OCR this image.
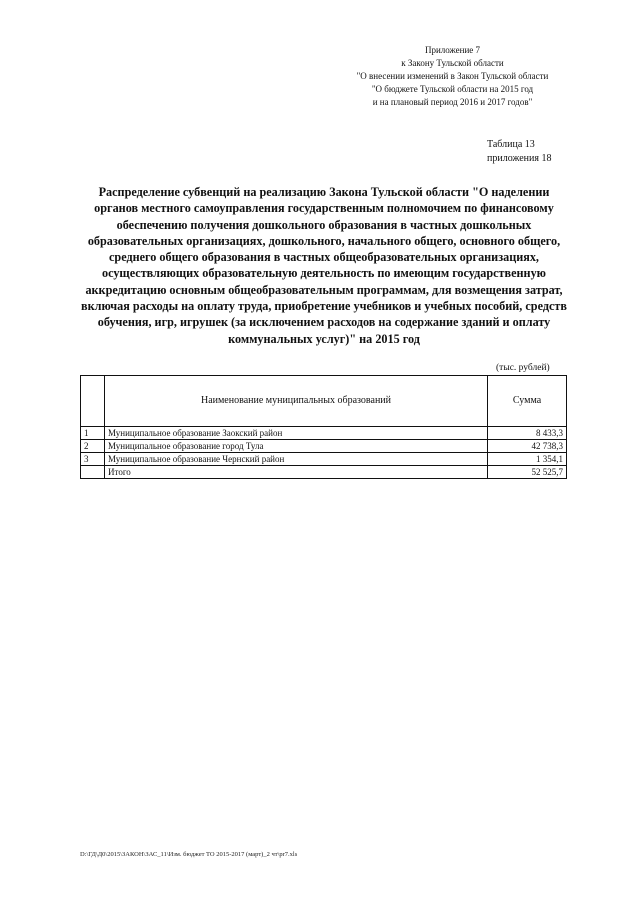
Приложение 7
к Закону Тульской области
"О внесении изменений в Закон Тульской области
"О бюджете Тульской области на 2015 год
и на плановый период 2016 и 2017 годов"
Таблица 13
приложения 18
Распределение субвенций на реализацию Закона Тульской области "О наделении органов местного самоуправления государственным полномочием по финансовому обеспечению получения дошкольного образования в частных дошкольных образовательных организациях, дошкольного, начального общего, основного общего, среднего общего образования в частных общеобразовательных организациях, осуществляющих образовательную деятельность по имеющим государственную аккредитацию основным общеобразовательным программам, для возмещения затрат, включая расходы на оплату труда, приобретение учебников и учебных пособий, средств обучения, игр, игрушек (за исключением расходов на содержание зданий и оплату коммунальных услуг)" на 2015 год
(тыс. рублей)
	Наименование муниципальных образований	Сумма
1	Муниципальное образование Заокский район	8 433,3
2	Муниципальное образование город Тула	42 738,3
3	Муниципальное образование Чернский район	1 354,1
	Итого	52 525,7
D:\ГД\Д0\2015\ЗАКОН\ЗАС_11\Изм. бюджет ТО 2015-2017 (март)_2 чт\pr7.xls
